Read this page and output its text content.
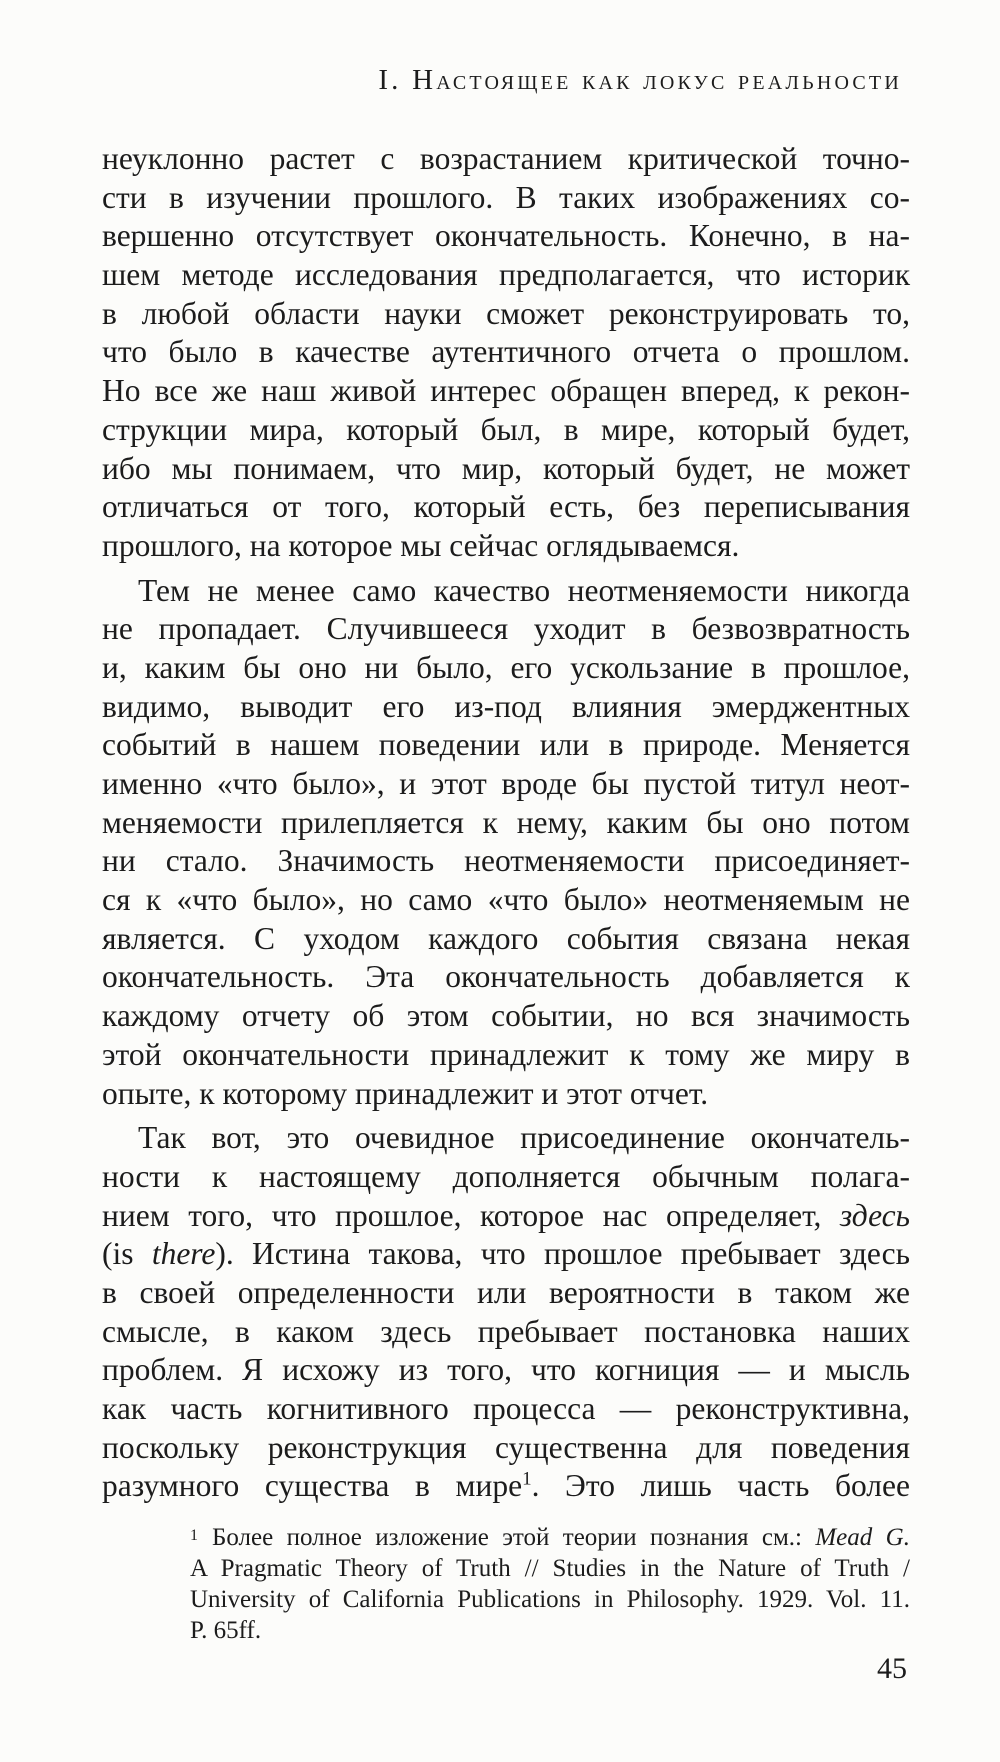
I. Настоящее как локус реальности
неуклонно растет с возрастанием критической точно-
сти в изучении прошлого. В таких изображениях со-
вершенно отсутствует окончательность. Конечно, в на-
шем методе исследования предполагается, что историк
в любой области науки сможет реконструировать то,
что было в качестве аутентичного отчета о прошлом.
Но все же наш живой интерес обращен вперед, к рекон-
струкции мира, который был, в мире, который будет,
ибо мы понимаем, что мир, который будет, не может
отличаться от того, который есть, без переписывания
прошлого, на которое мы сейчас оглядываемся.
Тем не менее само качество неотменяемости никогда
не пропадает. Случившееся уходит в безвозвратность
и, каким бы оно ни было, его ускользание в прошлое,
видимо, выводит его из-под влияния эмерджентных
событий в нашем поведении или в природе. Меняется
именно «что было», и этот вроде бы пустой титул неот-
меняемости прилепляется к нему, каким бы оно потом
ни стало. Значимость неотменяемости присоединяет-
ся к «что было», но само «что было» неотменяемым не
является. С уходом каждого события связана некая
окончательность. Эта окончательность добавляется к
каждому отчету об этом событии, но вся значимость
этой окончательности принадлежит к тому же миру в
опыте, к которому принадлежит и этот отчет.
Так вот, это очевидное присоединение окончатель-
ности к настоящему дополняется обычным полага-
нием того, что прошлое, которое нас определяет, здесь
(is there). Истина такова, что прошлое пребывает здесь
в своей определенности или вероятности в таком же
смысле, в каком здесь пребывает постановка наших
проблем. Я исхожу из того, что когниция — и мысль
как часть когнитивного процесса — реконструктивна,
поскольку реконструкция существенна для поведения
разумного существа в мире$^1$. Это лишь часть более
$^1$ Более полное изложение этой теории познания см.: Mead G.
A Pragmatic Theory of Truth // Studies in the Nature of Truth /
University of California Publications in Philosophy. 1929. Vol. 11.
P. 65ff.
45
